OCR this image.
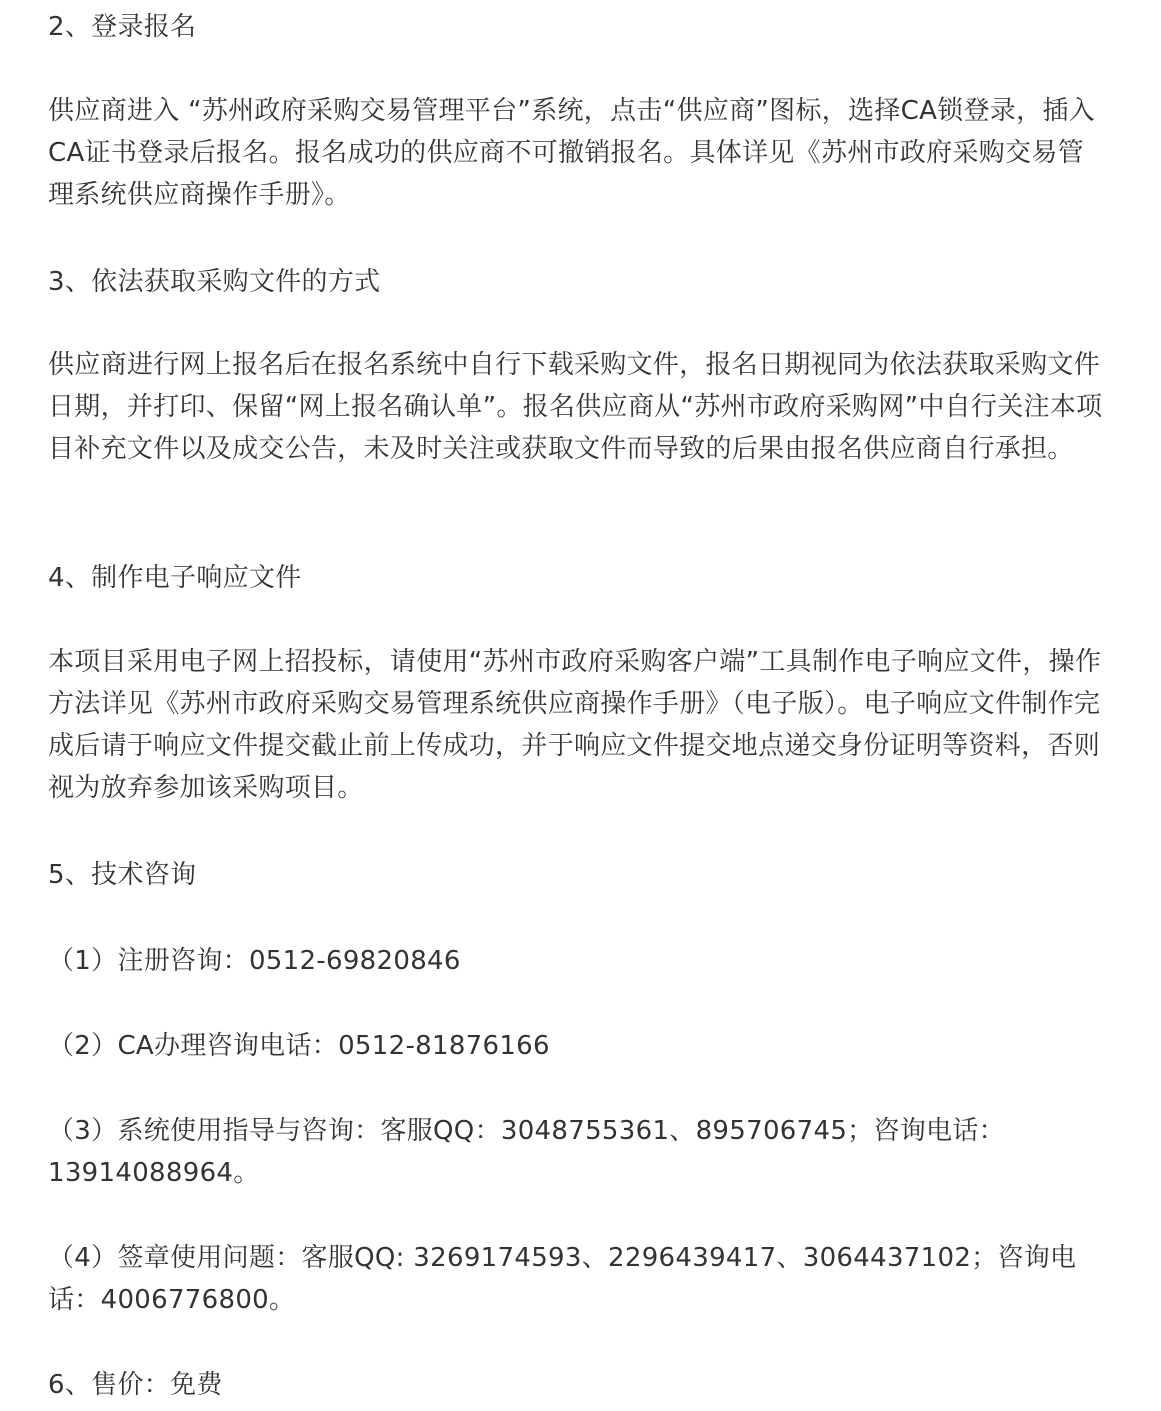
2、登录报名

供应商进入 “苏州政府采购交易管理平台”系统，点击“供应商”图标，选择CA锁登录，插入CA证书登录后报名。报名成功的供应商不可撤销报名。具体详见《苏州市政府采购交易管理系统供应商操作手册》。

3、依法获取采购文件的方式

供应商进行网上报名后在报名系统中自行下载采购文件，报名日期视同为依法获取采购文件日期，并打印、保留“网上报名确认单”。报名供应商从“苏州市政府采购网”中自行关注本项目补充文件以及成交公告，未及时关注或获取文件而导致的后果由报名供应商自行承担。

4、制作电子响应文件

本项目采用电子网上招投标，请使用“苏州市政府采购客户端”工具制作电子响应文件，操作方法详见《苏州市政府采购交易管理系统供应商操作手册》（电子版）。电子响应文件制作完成后请于响应文件提交截止前上传成功，并于响应文件提交地点递交身份证明等资料，否则视为放弃参加该采购项目。

5、技术咨询

（1）注册咨询：0512-69820846

（2）CA办理咨询电话：0512-81876166

（3）系统使用指导与咨询：客服QQ：3048755361、895706745；咨询电话：13914088964。

（4）签章使用问题：客服QQ: 3269174593、2296439417、3064437102；咨询电话：4006776800。

6、售价：免费
